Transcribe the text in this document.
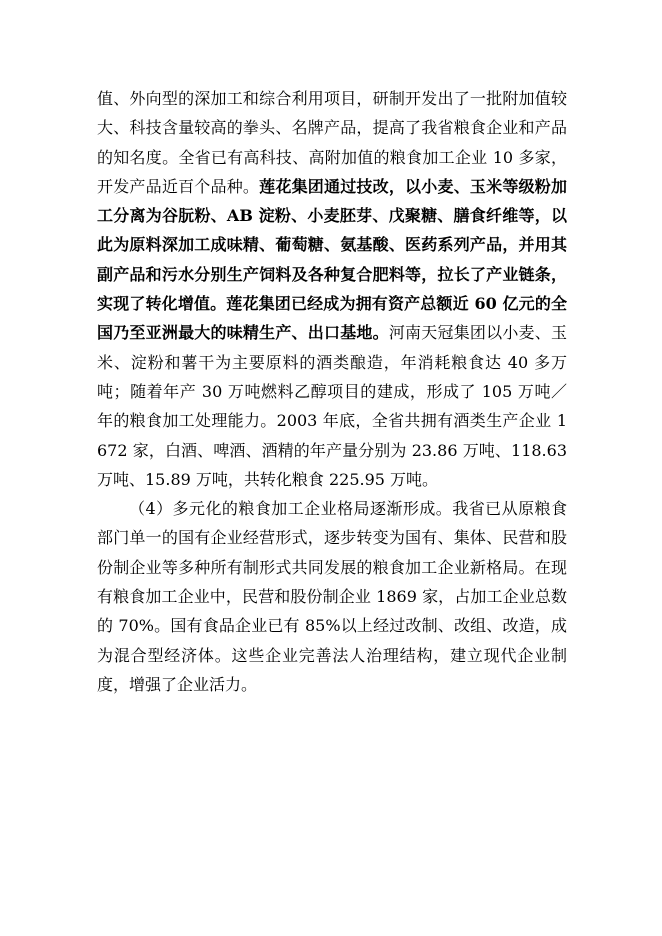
值、外向型的深加工和综合利用项目，研制开发出了一批附加值较大、科技含量较高的拳头、名牌产品，提高了我省粮食企业和产品的知名度。全省已有高科技、高附加值的粮食加工企业 10 多家，开发产品近百个品种。莲花集团通过技改，以小麦、玉米等级粉加工分离为谷朊粉、AB 淀粉、小麦胚芽、戊聚糖、膳食纤维等，以此为原料深加工成味精、葡萄糖、氨基酸、医药系列产品，并用其副产品和污水分别生产饲料及各种复合肥料等，拉长了产业链条，实现了转化增值。莲花集团已经成为拥有资产总额近 60 亿元的全国乃至亚洲最大的味精生产、出口基地。河南天冠集团以小麦、玉米、淀粉和薯干为主要原料的酒类酿造，年消耗粮食达 40 多万吨；随着年产 30 万吨燃料乙醇项目的建成，形成了 105 万吨／年的粮食加工处理能力。2003 年底，全省共拥有酒类生产企业 1672 家，白酒、啤酒、酒精的年产量分别为 23.86 万吨、118.63 万吨、15.89 万吨，共转化粮食 225.95 万吨。

（4）多元化的粮食加工企业格局逐渐形成。我省已从原粮食部门单一的国有企业经营形式，逐步转变为国有、集体、民营和股份制企业等多种所有制形式共同发展的粮食加工企业新格局。在现有粮食加工企业中，民营和股份制企业 1869 家，占加工企业总数的 70%。国有食品企业已有 85%以上经过改制、改组、改造，成为混合型经济体。这些企业完善法人治理结构，建立现代企业制度，增强了企业活力。
